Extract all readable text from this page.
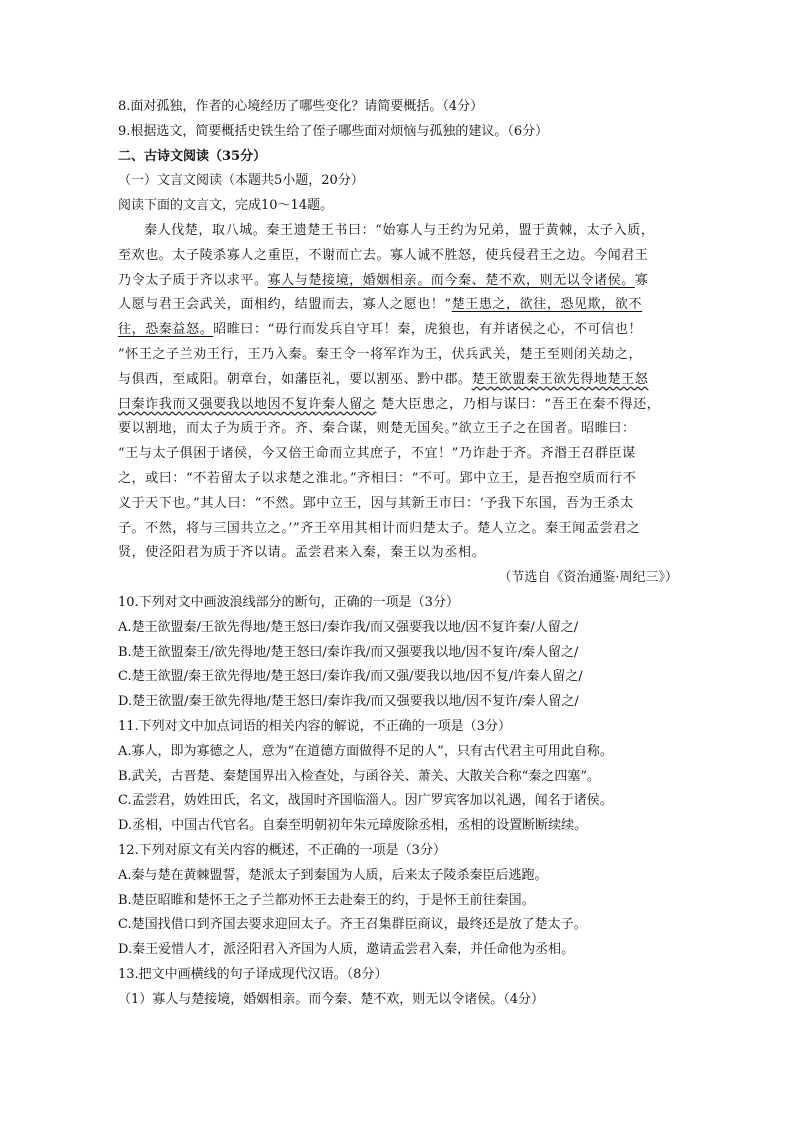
8.面对孤独，作者的心境经历了哪些变化？请简要概括。（4分）
9.根据选文，简要概括史铁生给了侄子哪些面对烦恼与孤独的建议。（6分）
二、古诗文阅读（35分）
（一）文言文阅读（本题共5小题，20分）
阅读下面的文言文，完成10～14题。
秦人伐楚，取八城。秦王遗楚王书曰：“始寡人与王约为兄弟，盟于黄棘，太子入质，
至欢也。太子陵杀寡人之重臣，不谢而亡去。寡人诚不胜怒，使兵侵君王之边。今闻君王
乃令太子质于齐以求平。寡人与楚接境，婚姻相亲。而今秦、楚不欢，则无以令诸侯。寡
人愿与君王会武关，面相约，结盟而去，寡人之愿也！”楚王患之，欲往，恐见欺，欲不
往，恐秦益怒。昭睢曰：“毋行而发兵自守耳！秦，虎狼也，有并诸侯之心，不可信也！
”怀王之子兰劝王行，王乃入秦。秦王令一将军诈为王，伏兵武关，楚王至则闭关劫之，
与俱西，至咸阳。朝章台，如藩臣礼，要以割巫、黔中郡。楚王欲盟秦王欲先得地楚王怒
曰秦诈我而又强要我以地因不复许秦人留之 楚大臣患之，乃相与谋曰：“吾王在秦不得还，
要以割地，而太子为质于齐。齐、秦合谋，则楚无国矣。”欲立王子之在国者。昭睢曰：
“王与太子俱困于诸侯，今又倍王命而立其庶子，不宜！”乃诈赴于齐。齐湣王召群臣谋
之，或曰：“不若留太子以求楚之淮北。”齐相曰：“不可。郢中立王，是吾抱空质而行不
义于天下也。”其人曰：“不然。郢中立王，因与其新王市曰：‘予我下东国，吾为王杀太
子。不然，将与三国共立之。’”齐王卒用其相计而归楚太子。楚人立之。秦王闻孟尝君之
贤，使泾阳君为质于齐以请。孟尝君来入秦，秦王以为丞相。
（节选自《资治通鉴·周纪三》）
10.下列对文中画波浪线部分的断句，正确的一项是（3分）
A.楚王欲盟秦/王欲先得地/楚王怒曰/秦诈我/而又强要我以地/因不复许秦/人留之/
B.楚王欲盟秦王/欲先得地/楚王怒曰/秦诈我/而又强要我以地/因不复许/秦人留之/
C.楚王欲盟/秦王欲先得地/楚王怒曰/秦诈我/而又强/要我以地/因不复/许秦人留之/
D.楚王欲盟/秦王欲先得地/楚王怒曰/秦诈我/而又强要我以地/因不复许/秦人留之/
11.下列对文中加点词语的相关内容的解说，不正确的一项是（3分）
A.寡人，即为寡德之人，意为“在道德方面做得不足的人”，只有古代君主可用此自称。
B.武关，古晋楚、秦楚国界出入检查处，与函谷关、萧关、大散关合称“秦之四塞”。
C.孟尝君，妫姓田氏，名文，战国时齐国临淄人。因广罗宾客加以礼遇，闻名于诸侯。
D.丞相，中国古代官名。自秦至明朝初年朱元璋废除丞相，丞相的设置断断续续。
12.下列对原文有关内容的概述，不正确的一项是（3分）
A.秦与楚在黄棘盟誓，楚派太子到秦国为人质，后来太子陵杀秦臣后逃跑。
B.楚臣昭睢和楚怀王之子兰都劝怀王去赴秦王的约，于是怀王前往秦国。
C.楚国找借口到齐国去要求迎回太子。齐王召集群臣商议，最终还是放了楚太子。
D.秦王爱惜人才，派泾阳君入齐国为人质，邀请孟尝君入秦，并任命他为丞相。
13.把文中画横线的句子译成现代汉语。（8分）
（1）寡人与楚接境，婚姻相亲。而今秦、楚不欢，则无以令诸侯。（4分）
